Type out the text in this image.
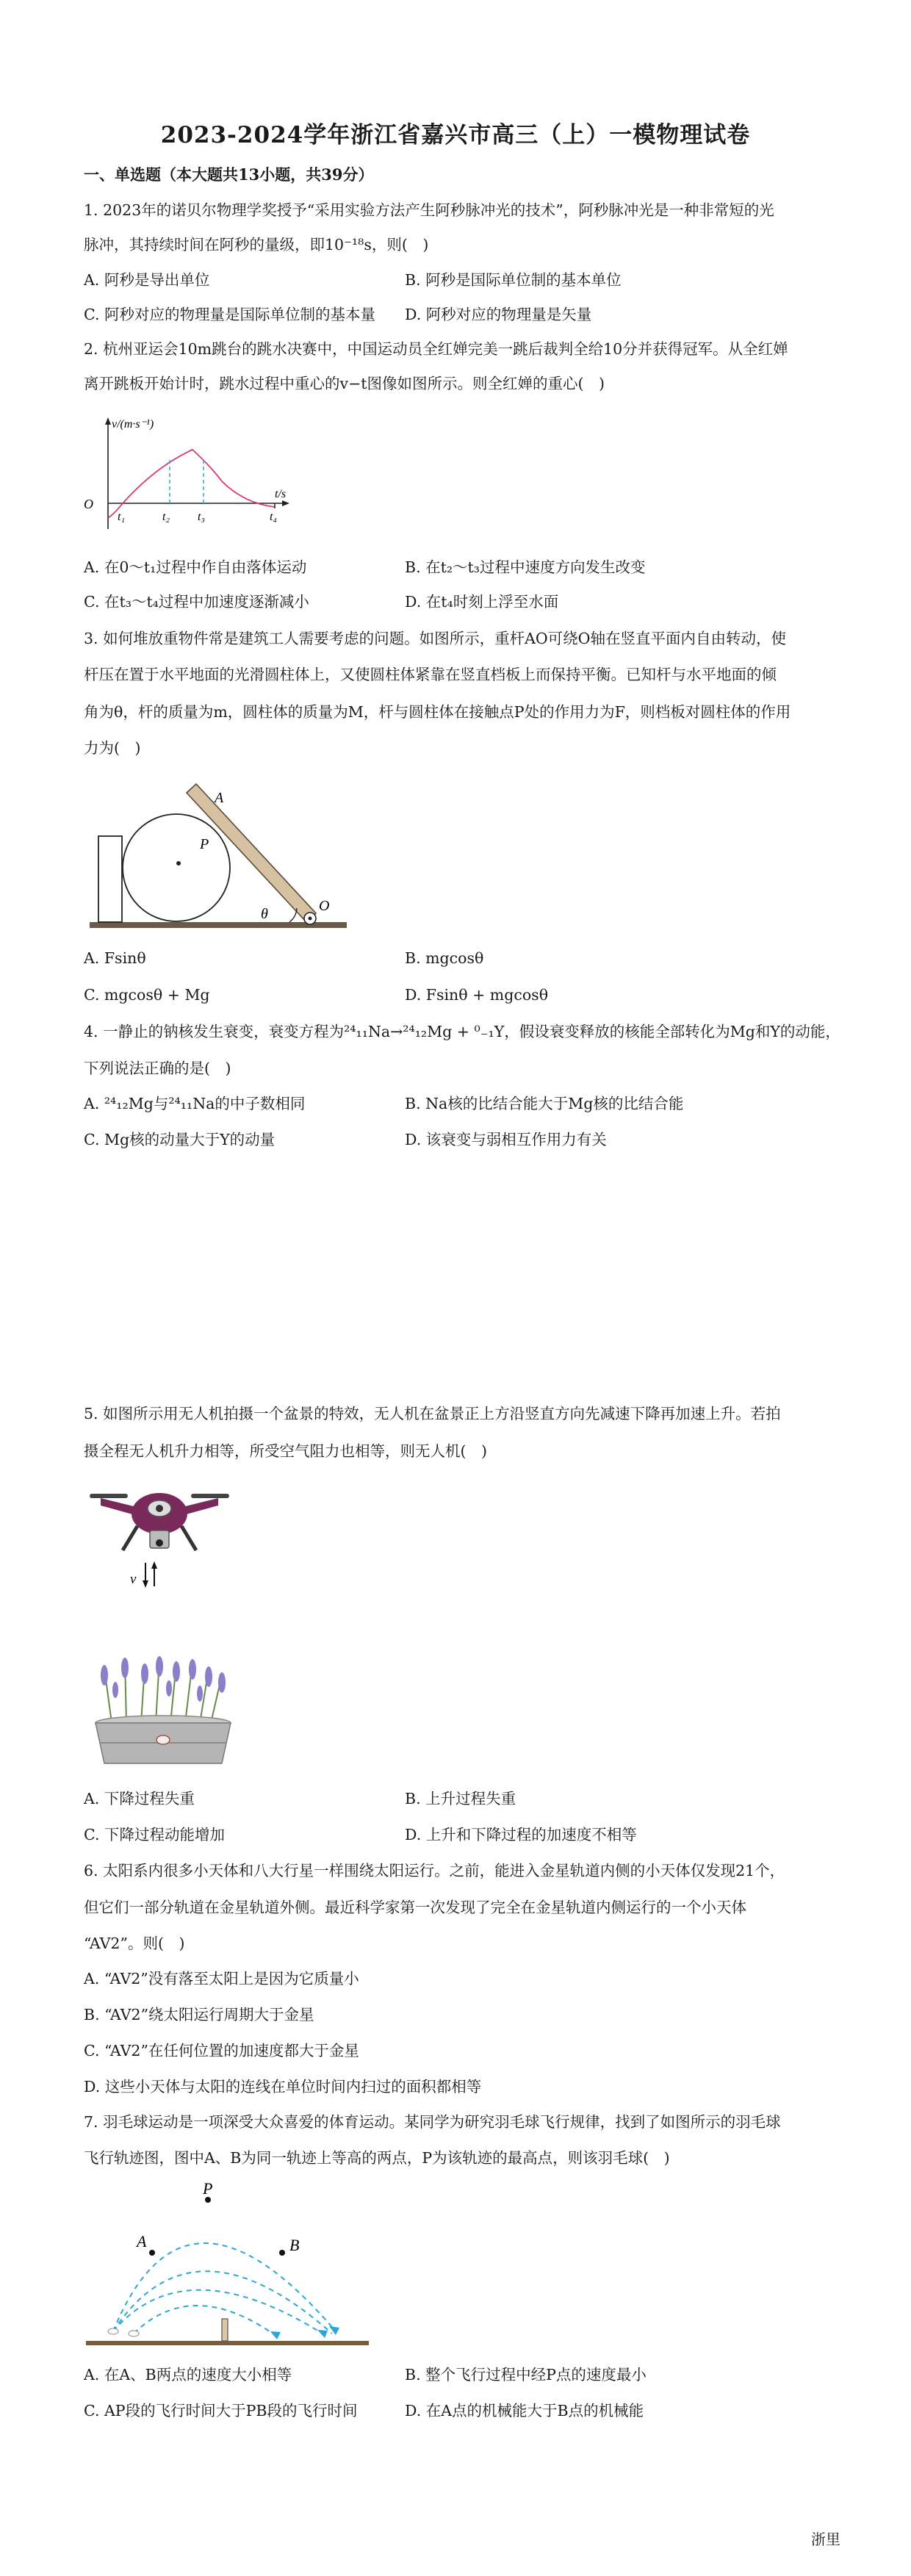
2023-2024学年浙江省嘉兴市高三（上）一模物理试卷
一、单选题（本大题共13小题，共39分）
1. 2023年的诺贝尔物理学奖授予“采用实验方法产生阿秒脉冲光的技术”，阿秒脉冲光是一种非常短的光
脉冲，其持续时间在阿秒的量级，即10⁻¹⁸s，则(　)
A. 阿秒是导出单位	B. 阿秒是国际单位制的基本单位
C. 阿秒对应的物理量是国际单位制的基本量 D. 阿秒对应的物理量是矢量
2. 杭州亚运会10m跳台的跳水决赛中，中国运动员全红婵完美一跳后裁判全给10分并获得冠军。从全红婵
离开跳板开始计时，跳水过程中重心的v−t图像如图所示。则全红婵的重心(　)
v/(m·s⁻¹)
t/s
O
t₁	t₂ t₃	t₄
A. 在0～t₁过程中作自由落体运动	B. 在t₂～t₃过程中速度方向发生改变
C. 在t₃～t₄过程中加速度逐渐减小	D. 在t₄时刻上浮至水面
3. 如何堆放重物件常是建筑工人需要考虑的问题。如图所示，重杆AO可绕O轴在竖直平面内自由转动，使
杆压在置于水平地面的光滑圆柱体上，又使圆柱体紧靠在竖直档板上而保持平衡。已知杆与水平地面的倾
角为θ，杆的质量为m，圆柱体的质量为M，杆与圆柱体在接触点P处的作用力为F，则档板对圆柱体的作用
力为(　)
A
P
θ	O
A. Fsinθ	B. mgcosθ
C. mgcosθ + Mg	D. Fsinθ + mgcosθ
4. 一静止的钠核发生衰变，衰变方程为²⁴₁₁Na→²⁴₁₂Mg + ⁰₋₁Y，假设衰变释放的核能全部转化为Mg和Y的动能，
下列说法正确的是(　)
A. ²⁴₁₂Mg与²⁴₁₁Na的中子数相同	B. Na核的比结合能大于Mg核的比结合能
C. Mg核的动量大于Y的动量	D. 该衰变与弱相互作用力有关
5. 如图所示用无人机拍摄一个盆景的特效，无人机在盆景正上方沿竖直方向先减速下降再加速上升。若拍
摄全程无人机升力相等，所受空气阻力也相等，则无人机(　)
v
A. 下降过程失重	B. 上升过程失重
C. 下降过程动能增加	D. 上升和下降过程的加速度不相等
6. 太阳系内很多小天体和八大行星一样围绕太阳运行。之前，能进入金星轨道内侧的小天体仅发现21个，
但它们一部分轨道在金星轨道外侧。最近科学家第一次发现了完全在金星轨道内侧运行的一个小天体
“AV2”。则(　)
A. “AV2”没有落至太阳上是因为它质量小
B. “AV2”绕太阳运行周期大于金星
C. “AV2”在任何位置的加速度都大于金星
D. 这些小天体与太阳的连线在单位时间内扫过的面积都相等
7. 羽毛球运动是一项深受大众喜爱的体育运动。某同学为研究羽毛球飞行规律，找到了如图所示的羽毛球
飞行轨迹图，图中A、B为同一轨迹上等高的两点，P为该轨迹的最高点，则该羽毛球(　)
P
A	B
A. 在A、B两点的速度大小相等	B. 整个飞行过程中经P点的速度最小
C. AP段的飞行时间大于PB段的飞行时间	D. 在A点的机械能大于B点的机械能
浙里
